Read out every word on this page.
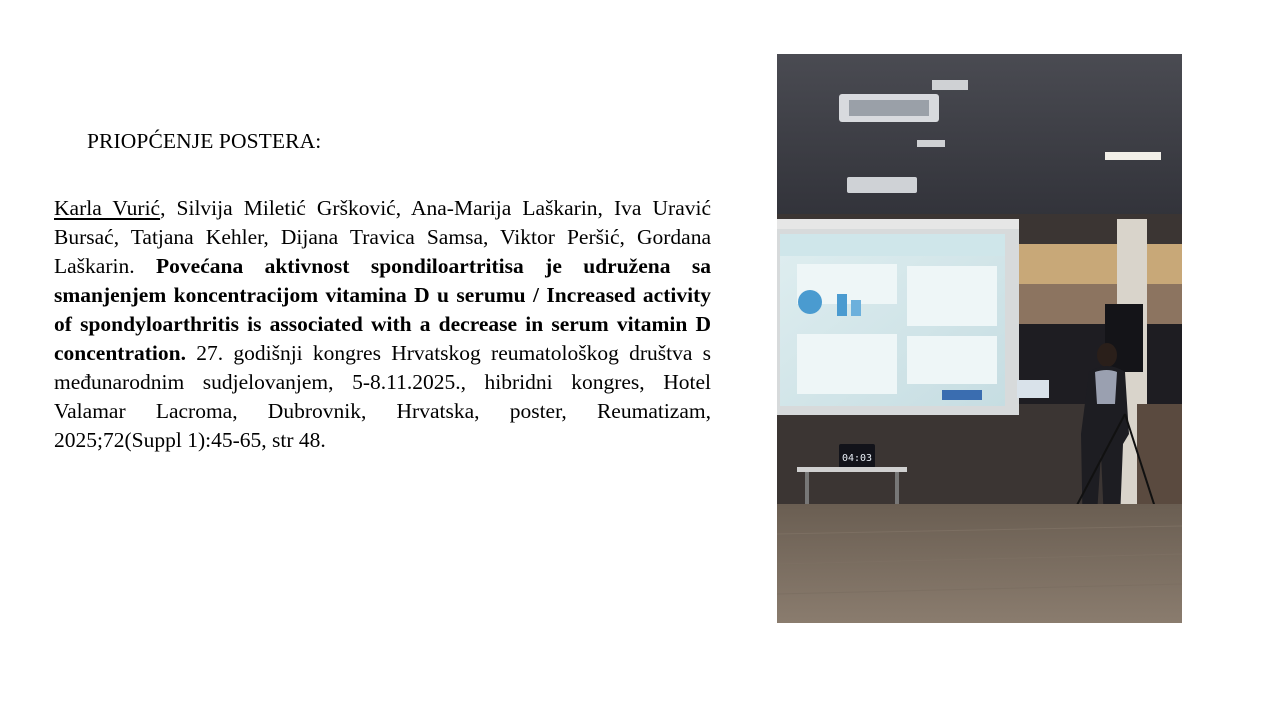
PRIOPĆENJE POSTERA:
Karla Vurić, Silvija Miletić Gršković, Ana-Marija Laškarin, Iva Uravić Bursać, Tatjana Kehler, Dijana Travica Samsa, Viktor Peršić, Gordana Laškarin. Povećana aktivnost spondiloartritisa je udružena sa smanjenjem koncentracijom vitamina D u serumu / Increased activity of spondyloarthritis is associated with a decrease in serum vitamin D concentration. 27. godišnji kongres Hrvatskog reumatološkog društva s međunarodnim sudjelovanjem, 5-8.11.2025., hibridni kongres, Hotel Valamar Lacroma, Dubrovnik, Hrvatska, poster, Reumatizam, 2025;72(Suppl 1):45-65, str 48.
04:03
